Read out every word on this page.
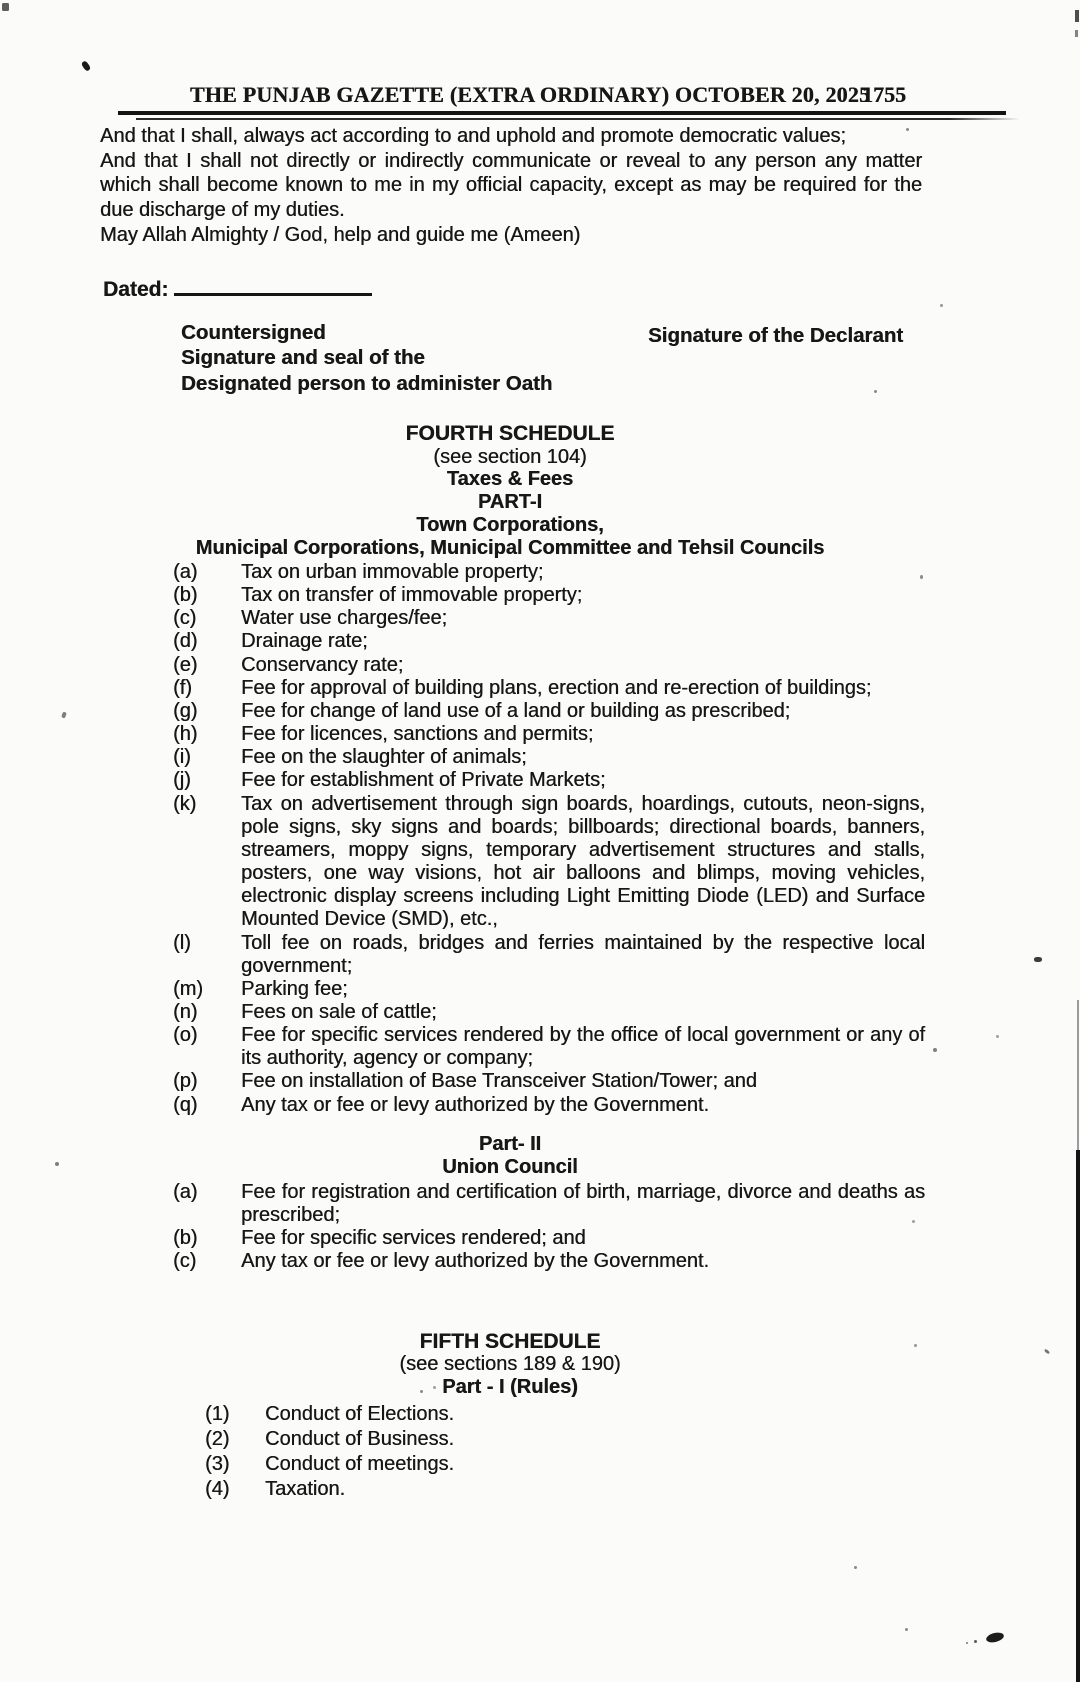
THE PUNJAB GAZETTE (EXTRA ORDINARY) OCTOBER 20, 2025
1755
And that I shall, always act according to and uphold and promote democratic values;
And that I shall not directly or indirectly communicate or reveal to any person any matter which shall become known to me in my official capacity, except as may be required for the due discharge of my duties.
May Allah Almighty / God, help and guide me (Ameen)
Dated:
Countersigned
Signature and seal of the
Designated person to administer Oath
Signature of the Declarant
FOURTH SCHEDULE
(see section 104)
Taxes & Fees
PART-I
Town Corporations,
Municipal Corporations, Municipal Committee and Tehsil Councils
(a)	Tax on urban immovable property;
(b)	Tax on transfer of immovable property;
(c)	Water use charges/fee;
(d)	Drainage rate;
(e)	Conservancy rate;
(f)	Fee for approval of building plans, erection and re-erection of buildings;
(g)	Fee for change of land use of a land or building as prescribed;
(h)	Fee for licences, sanctions and permits;
(i)	Fee on the slaughter of animals;
(j)	Fee for establishment of Private Markets;
(k)	Tax on advertisement through sign boards, hoardings, cutouts, neon-signs, pole signs, sky signs and boards; billboards; directional boards, banners, streamers, moppy signs, temporary advertisement structures and stalls, posters, one way visions, hot air balloons and blimps, moving vehicles, electronic display screens including Light Emitting Diode (LED) and Surface Mounted Device (SMD), etc.,
(l)	Toll fee on roads, bridges and ferries maintained by the respective local government;
(m)	Parking fee;
(n)	Fees on sale of cattle;
(o)	Fee for specific services rendered by the office of local government or any of its authority, agency or company;
(p)	Fee on installation of Base Transceiver Station/Tower; and
(q)	Any tax or fee or levy authorized by the Government.
Part- II
Union Council
(a)	Fee for registration and certification of birth, marriage, divorce and deaths as prescribed;
(b)	Fee for specific services rendered; and
(c)	Any tax or fee or levy authorized by the Government.
FIFTH SCHEDULE
(see sections 189 & 190)
Part - I (Rules)
(1)	Conduct of Elections.
(2)	Conduct of Business.
(3)	Conduct of meetings.
(4)	Taxation.
